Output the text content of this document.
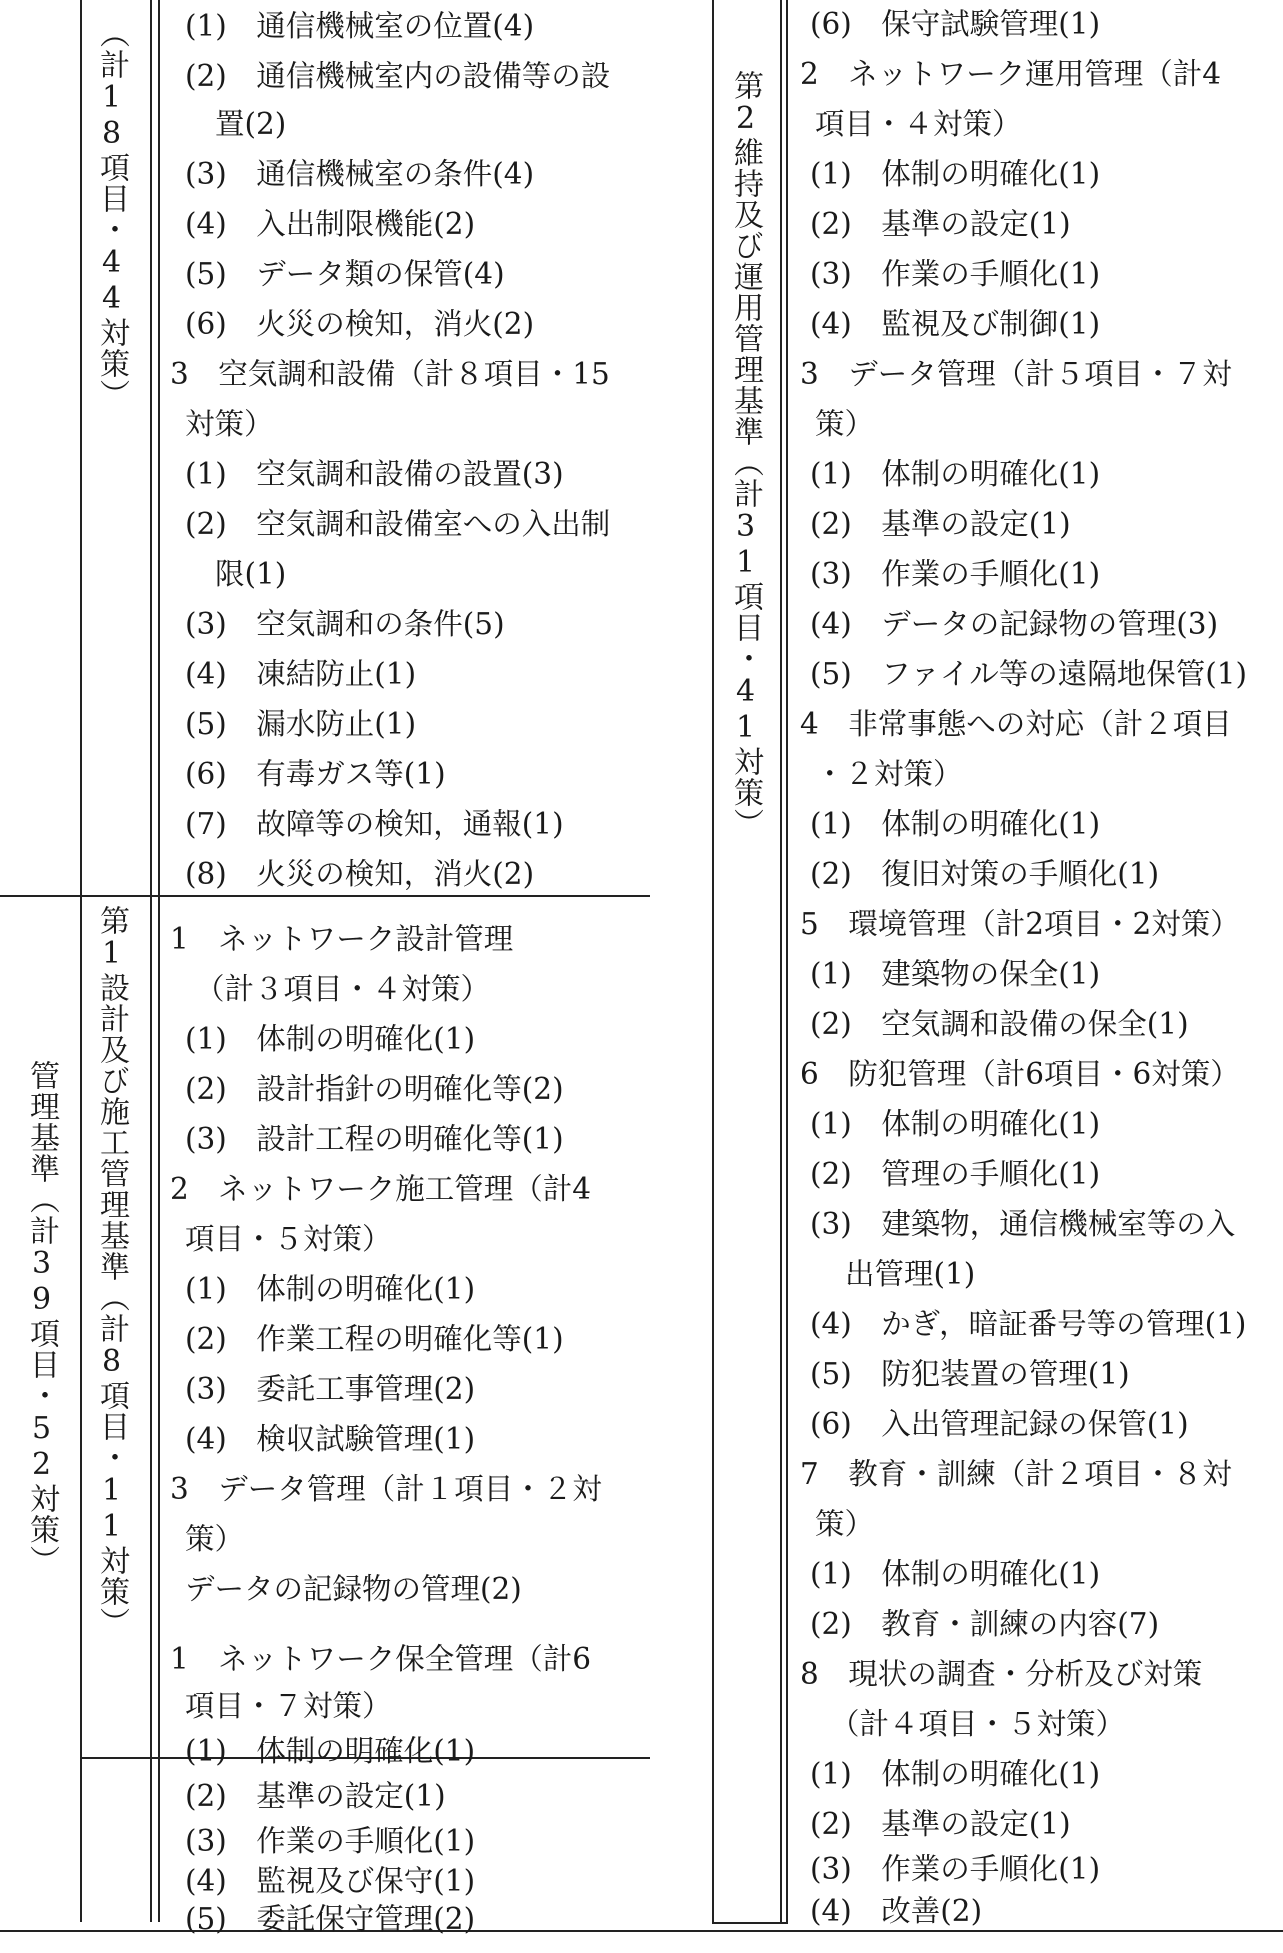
（計18項目・44対策）
管理基準（計39項目・52対策） 第1設計及び施工管理基準（計8項目・11対策）
第2維持及び運用管理基準（計31項目・41対策）
(1)　通信機械室の位置(4)
(2)　通信機械室内の設備等の設
置(2)
(3)　通信機械室の条件(4)
(4)　入出制限機能(2)
(5)　データ類の保管(4)
(6)　火災の検知，消火(2)
3　空気調和設備（計８項目・15
対策）
(1)　空気調和設備の設置(3)
(2)　空気調和設備室への入出制
限(1)
(3)　空気調和の条件(5)
(4)　凍結防止(1)
(5)　漏水防止(1)
(6)　有毒ガス等(1)
(7)　故障等の検知，通報(1)
(8)　火災の検知，消火(2)
1　ネットワーク設計管理
（計３項目・４対策）
(1)　体制の明確化(1)
(2)　設計指針の明確化等(2)
(3)　設計工程の明確化等(1)
2　ネットワーク施工管理（計4
項目・５対策）
(1)　体制の明確化(1)
(2)　作業工程の明確化等(1)
(3)　委託工事管理(2)
(4)　検収試験管理(1)
3　データ管理（計１項目・２対
策）
データの記録物の管理(2)
1　ネットワーク保全管理（計6
項目・７対策）
(1)　体制の明確化(1)
(2)　基準の設定(1)
(3)　作業の手順化(1)
(4)　監視及び保守(1)
(5)　委託保守管理(2)
(6)　保守試験管理(1)
2　ネットワーク運用管理（計4
項目・４対策）
(1)　体制の明確化(1)
(2)　基準の設定(1)
(3)　作業の手順化(1)
(4)　監視及び制御(1)
3　データ管理（計５項目・７対
策）
(1)　体制の明確化(1)
(2)　基準の設定(1)
(3)　作業の手順化(1)
(4)　データの記録物の管理(3)
(5)　ファイル等の遠隔地保管(1)
4　非常事態への対応（計２項目
・２対策）
(1)　体制の明確化(1)
(2)　復旧対策の手順化(1)
5　環境管理（計2項目・2対策）
(1)　建築物の保全(1)
(2)　空気調和設備の保全(1)
6　防犯管理（計6項目・6対策）
(1)　体制の明確化(1)
(2)　管理の手順化(1)
(3)　建築物，通信機械室等の入
出管理(1)
(4)　かぎ，暗証番号等の管理(1)
(5)　防犯装置の管理(1)
(6)　入出管理記録の保管(1)
7　教育・訓練（計２項目・８対
策）
(1)　体制の明確化(1)
(2)　教育・訓練の内容(7)
8　現状の調査・分析及び対策
（計４項目・５対策）
(1)　体制の明確化(1)
(2)　基準の設定(1)
(3)　作業の手順化(1)
(4)　改善(2)
